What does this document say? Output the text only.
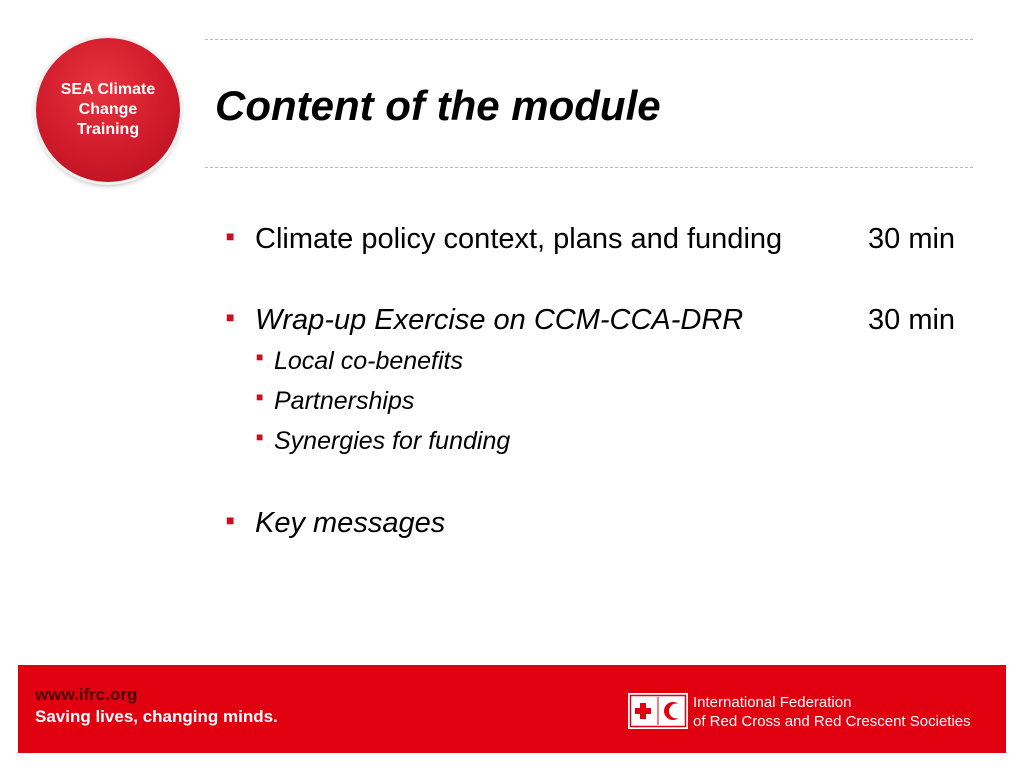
SEA Climate
Change
Training
Content of the module
■ Climate policy context, plans and funding	30 min
■ Wrap-up Exercise on CCM-CCA-DRR	30 min
■ Local co-benefits
■ Partnerships
■ Synergies for funding
■ Key messages
www.ifrc.org
Saving lives, changing minds.
International Federation
of Red Cross and Red Crescent Societies
